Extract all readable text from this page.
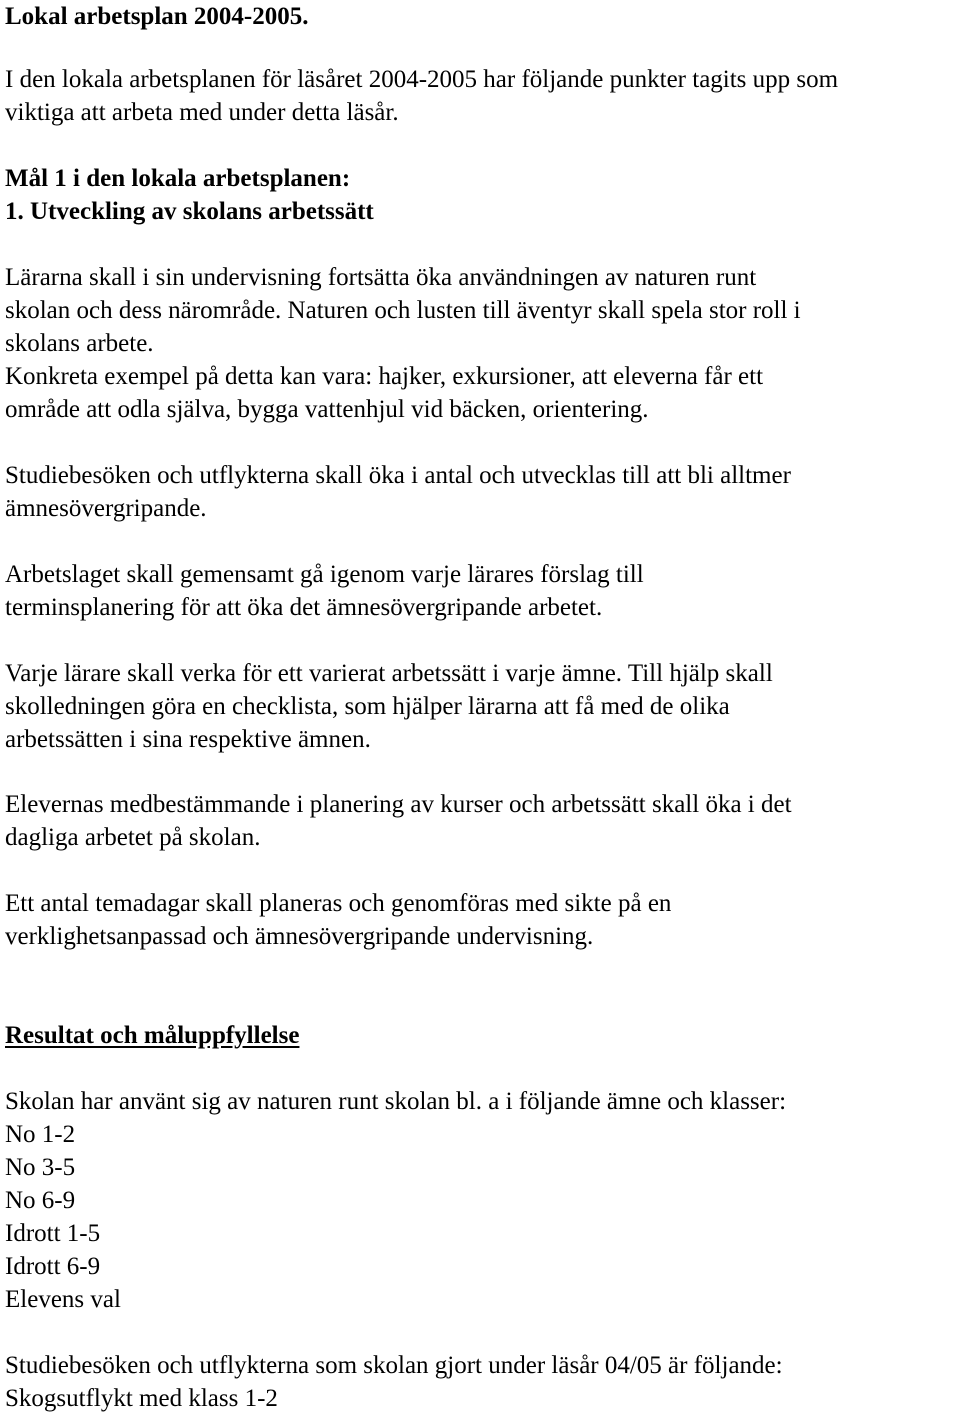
Lokal arbetsplan 2004-2005.
I den lokala arbetsplanen för läsåret 2004-2005 har följande punkter tagits upp som
viktiga att arbeta med under detta läsår.
Mål 1 i den lokala arbetsplanen:
1. Utveckling av skolans arbetssätt
Lärarna skall i sin undervisning fortsätta öka användningen av naturen runt
skolan och dess närområde. Naturen och lusten till äventyr skall spela stor roll i
skolans arbete.
Konkreta exempel på detta kan vara: hajker, exkursioner, att eleverna får ett
område att odla själva, bygga vattenhjul vid bäcken, orientering.
Studiebesöken och utflykterna skall öka i antal och utvecklas till att bli alltmer
ämnesövergripande.
Arbetslaget skall gemensamt gå igenom varje lärares förslag till
terminsplanering för att öka det ämnesövergripande arbetet.
Varje lärare skall verka för ett varierat arbetssätt i varje ämne. Till hjälp skall
skolledningen göra en checklista, som hjälper lärarna att få med de olika
arbetssätten i sina respektive ämnen.
Elevernas medbestämmande i planering av kurser och arbetssätt skall öka i det
dagliga arbetet på skolan.
Ett antal temadagar skall planeras och genomföras med sikte på en
verklighetsanpassad och ämnesövergripande undervisning.
Resultat och måluppfyllelse
Skolan har använt sig av naturen runt skolan bl. a i följande ämne och klasser:
No 1-2
No 3-5
No 6-9
Idrott 1-5
Idrott 6-9
Elevens val
Studiebesöken och utflykterna som skolan gjort under läsår 04/05 är följande:
Skogsutflykt med klass 1-2
